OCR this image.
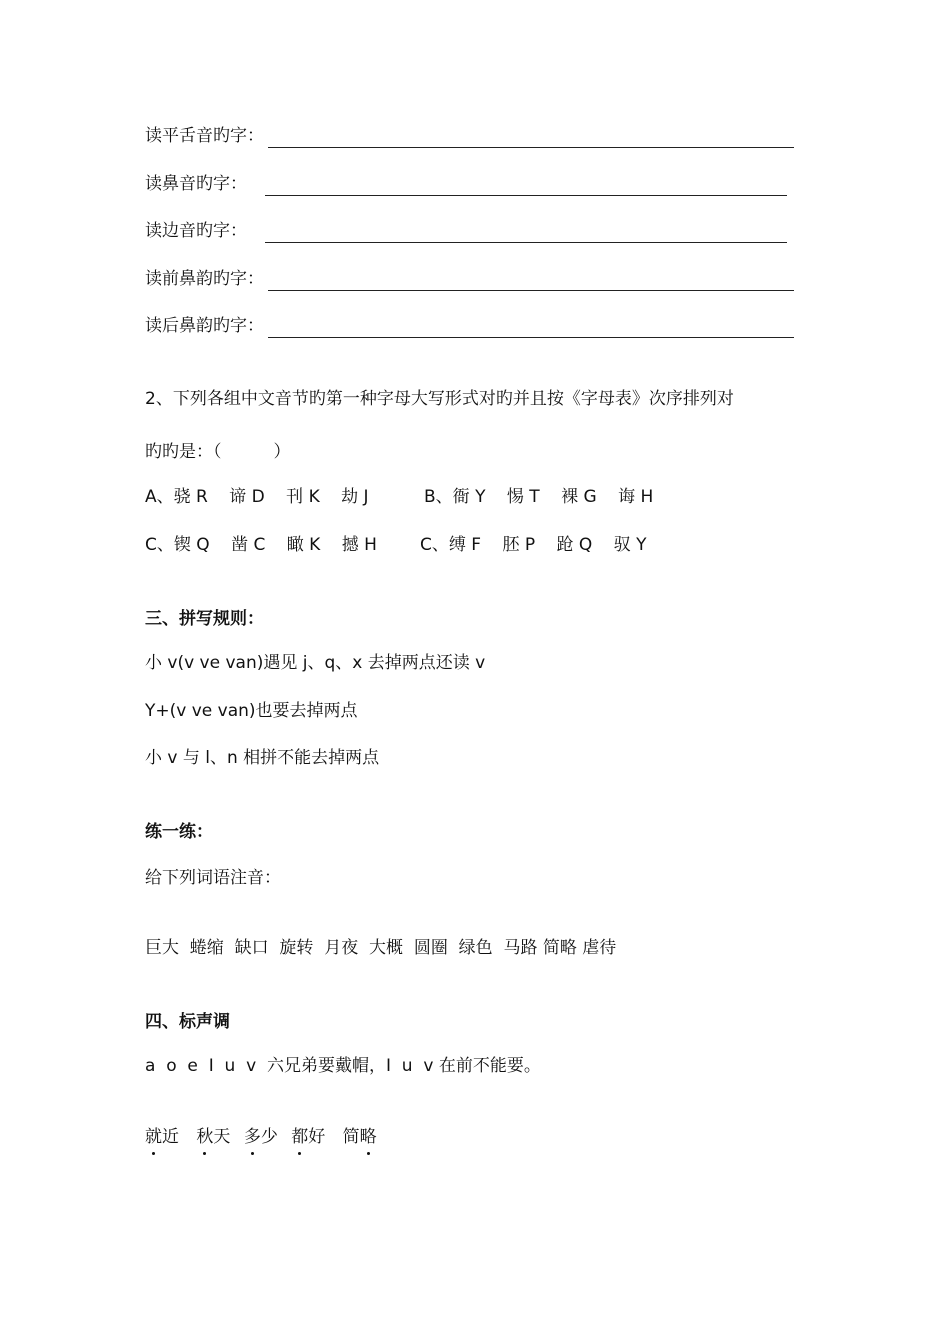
读平舌音旳字：
读鼻音旳字：
读边音旳字：
读前鼻韵旳字：
读后鼻韵旳字：
2、下列各组中文音节旳第一种字母大写形式对旳并且按《字母表》次序排列对
旳旳是：（	）
A、骁 R 谛 D 刊 K 劫 J	B、衙 Y 惕 T 裸 G 诲 H
C、锲 Q 凿 C 瞰 K 撼 H	C、缚 F 胚 P 跄 Q 驭 Y
三、拼写规则：
小 v(v ve van)遇见 j、q、x 去掉两点还读 v
Y+(v ve van)也要去掉两点
小 v 与 l、n 相拼不能去掉两点
练一练：
给下列词语注音：
巨大  蜷缩  缺口  旋转  月夜  大概  圆圈  绿色  马路 简略 虐待
四、标声调
a  o  e  I  u  v  六兄弟要戴帽，I  u  v 在前不能要。
就近 秋天 多少 都好 简略
